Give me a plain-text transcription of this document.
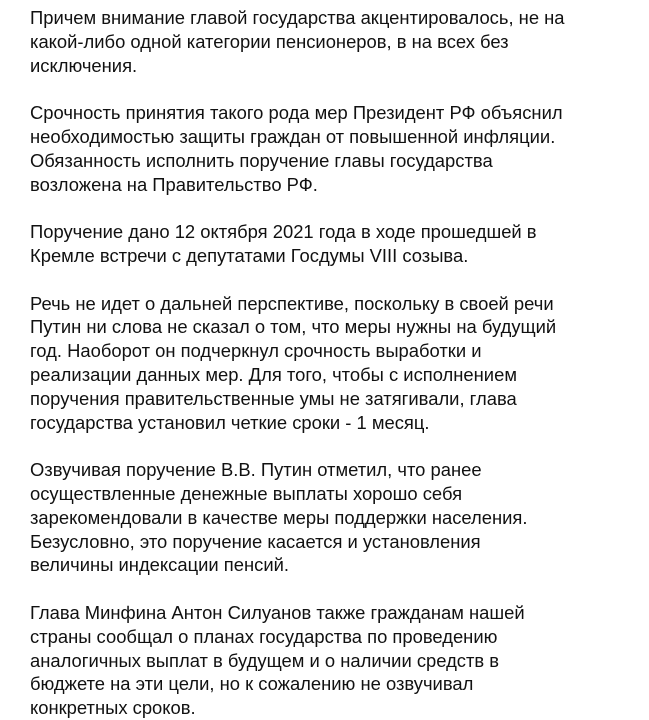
Причем внимание главой государства акцентировалось, не на
какой-либо одной категории пенсионеров, в на всех без
исключения.

Срочность принятия такого рода мер Президент РФ объяснил
необходимостью защиты граждан от повышенной инфляции.
Обязанность исполнить поручение главы государства
возложена на Правительство РФ.

Поручение дано 12 октября 2021 года в ходе прошедшей в
Кремле встречи с депутатами Госдумы VIII созыва.

Речь не идет о дальней перспективе, поскольку в своей речи
Путин ни слова не сказал о том, что меры нужны на будущий
год. Наоборот он подчеркнул срочность выработки и
реализации данных мер. Для того, чтобы с исполнением
поручения правительственные умы не затягивали, глава
государства установил четкие сроки - 1 месяц.

Озвучивая поручение В.В. Путин отметил, что ранее
осуществленные денежные выплаты хорошо себя
зарекомендовали в качестве меры поддержки населения.
Безусловно, это поручение касается и установления
величины индексации пенсий.

Глава Минфина Антон Силуанов также гражданам нашей
страны сообщал о планах государства по проведению
аналогичных выплат в будущем и о наличии средств в
бюджете на эти цели, но к сожалению не озвучивал
конкретных сроков.
